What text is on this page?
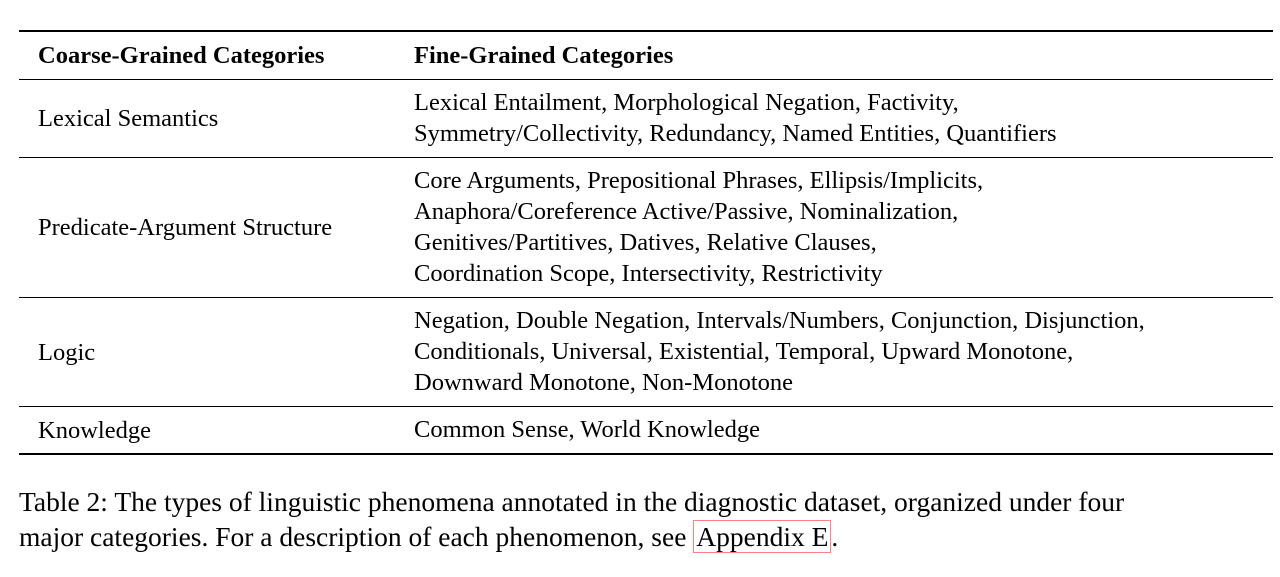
Coarse-Grained Categories	Fine-Grained Categories
Lexical Semantics	Lexical Entailment, Morphological Negation, Factivity,
Symmetry/Collectivity, Redundancy, Named Entities, Quantifiers

Predicate-Argument Structure	Core Arguments, Prepositional Phrases, Ellipsis/Implicits,
Anaphora/Coreference Active/Passive, Nominalization,
Genitives/Partitives, Datives, Relative Clauses,
Coordination Scope, Intersectivity, Restrictivity

Logic	Negation, Double Negation, Intervals/Numbers, Conjunction, Disjunction,
Conditionals, Universal, Existential, Temporal, Upward Monotone,
Downward Monotone, Non-Monotone

Knowledge	Common Sense, World Knowledge
Table 2: The types of linguistic phenomena annotated in the diagnostic dataset, organized under four
major categories. For a description of each phenomenon, see Appendix E .
